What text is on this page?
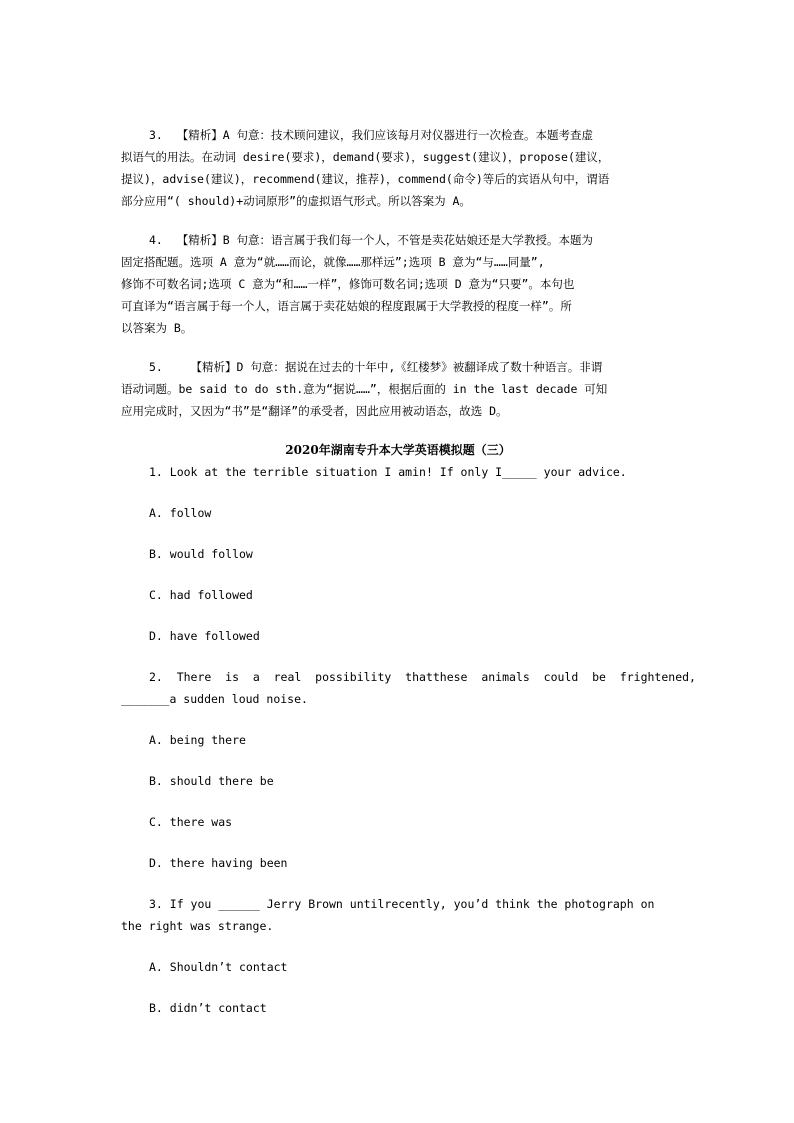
3.  【精析】A 句意：技术顾问建议，我们应该每月对仪器进行一次检查。本题考查虚
拟语气的用法。在动词 desire(要求)，demand(要求)，suggest(建议)，propose(建议，
提议)，advise(建议)，recommend(建议，推荐)，commend(命令)等后的宾语从句中，谓语
部分应用“( should)+动词原形”的虚拟语气形式。所以答案为 A。
4.  【精析】B 句意：语言属于我们每一个人，不管是卖花姑娘还是大学教授。本题为
固定搭配题。选项 A 意为“就……而论，就像……那样远”;选项 B 意为“与……同量”,
修饰不可数名词;选项 C 意为“和……一样”，修饰可数名词;选项 D 意为“只要”。本句也
可直译为“语言属于每一个人，语言属于卖花姑娘的程度跟属于大学教授的程度一样”。所
以答案为 B。
5.    【精析】D 句意：据说在过去的十年中,《红楼梦》被翻译成了数十种语言。非谓
语动词题。be said to do sth.意为“据说……”，根据后面的 in the last decade 可知
应用完成时，又因为“书”是“翻译”的承受者，因此应用被动语态，故选 D。
2020年湖南专升本大学英语模拟题（三）
1. Look at the terrible situation I amin! If only I_____ your advice.
A. follow
B. would follow
C. had followed
D. have followed
2.  There  is  a  real  possibility  thatthese  animals  could  be  frightened,
_______a sudden loud noise.
A. being there
B. should there be
C. there was
D. there having been
3. If you ______ Jerry Brown untilrecently, you’d think the photograph on
the right was strange.
A. Shouldn’t contact
B. didn’t contact
